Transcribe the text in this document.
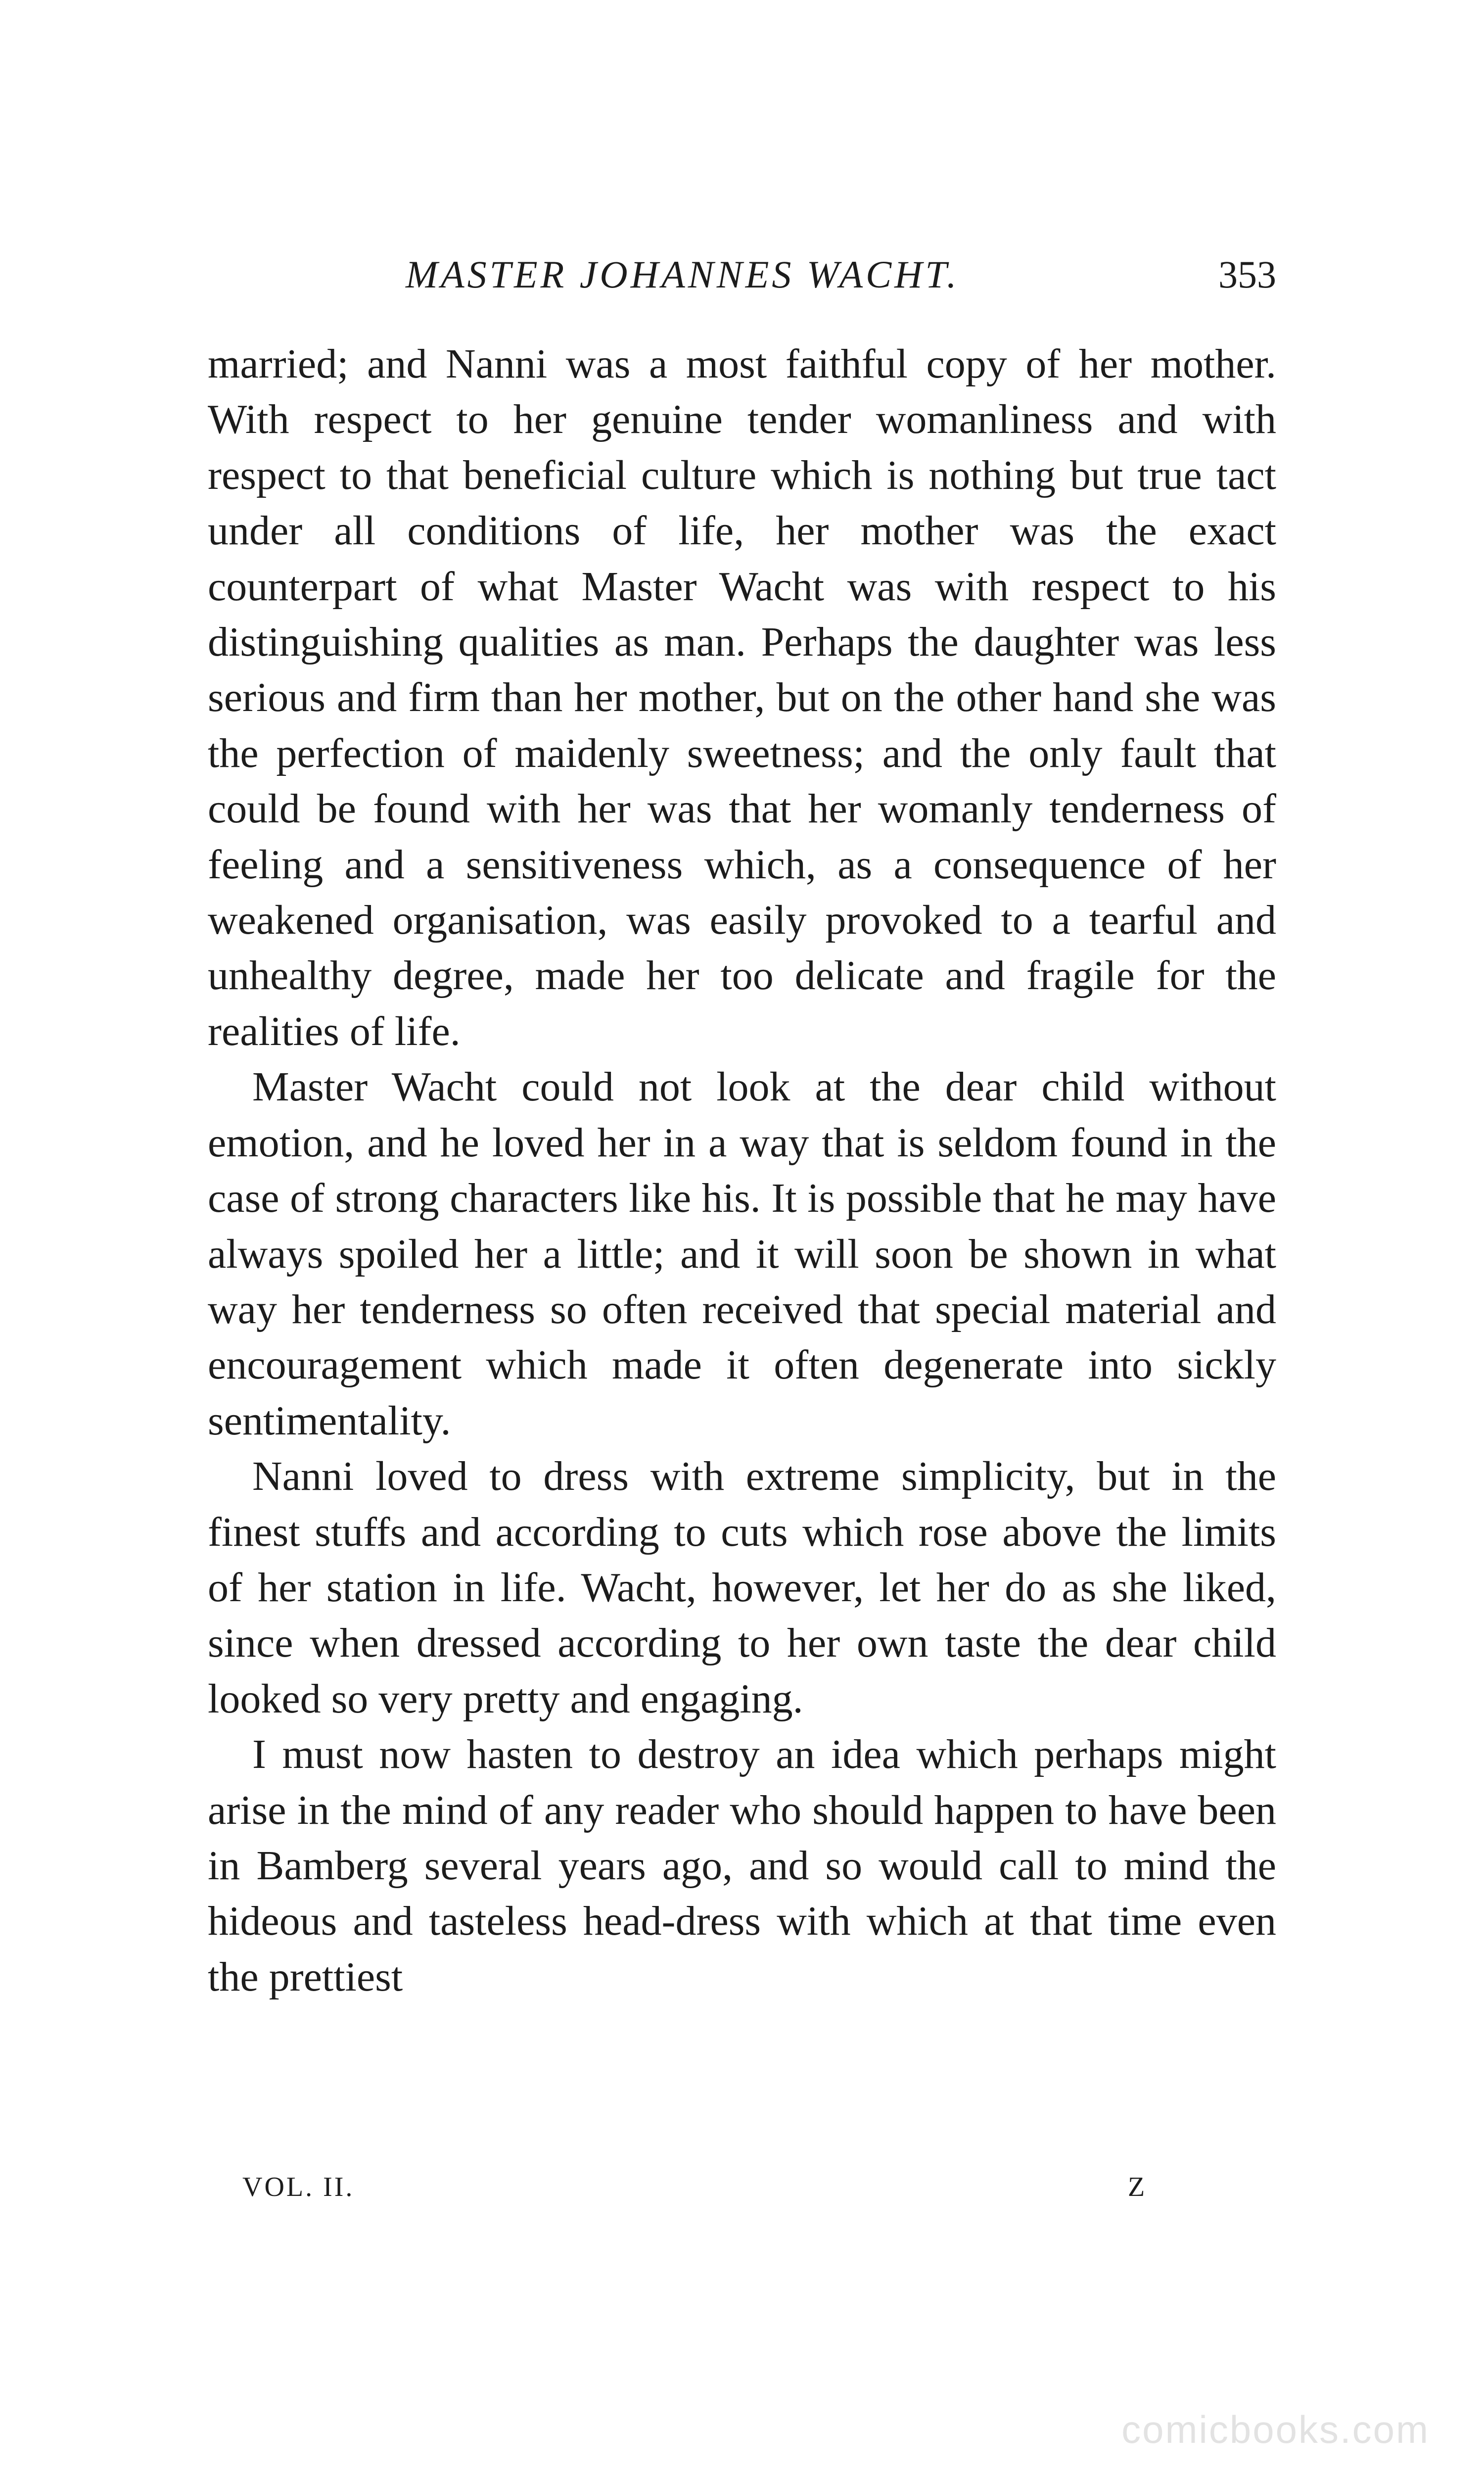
MASTER JOHANNES WACHT.	353

married; and Nanni was a most faithful copy of her mother. With respect to her genuine tender womanliness and with respect to that beneficial culture which is nothing but true tact under all conditions of life, her mother was the exact counterpart of what Master Wacht was with respect to his distinguishing qualities as man. Perhaps the daughter was less serious and firm than her mother, but on the other hand she was the perfection of maidenly sweetness; and the only fault that could be found with her was that her womanly tenderness of feeling and a sensitiveness which, as a consequence of her weakened organisation, was easily provoked to a tearful and unhealthy degree, made her too delicate and fragile for the realities of life.

Master Wacht could not look at the dear child without emotion, and he loved her in a way that is seldom found in the case of strong characters like his. It is possible that he may have always spoiled her a little; and it will soon be shown in what way her tenderness so often received that special material and encouragement which made it often degenerate into sickly sentimentality.

Nanni loved to dress with extreme simplicity, but in the finest stuffs and according to cuts which rose above the limits of her station in life. Wacht, however, let her do as she liked, since when dressed according to her own taste the dear child looked so very pretty and engaging.

I must now hasten to destroy an idea which perhaps might arise in the mind of any reader who should happen to have been in Bamberg several years ago, and so would call to mind the hideous and tasteless head-dress with which at that time even the prettiest

VOL. II.	Z
comicbooks.com
